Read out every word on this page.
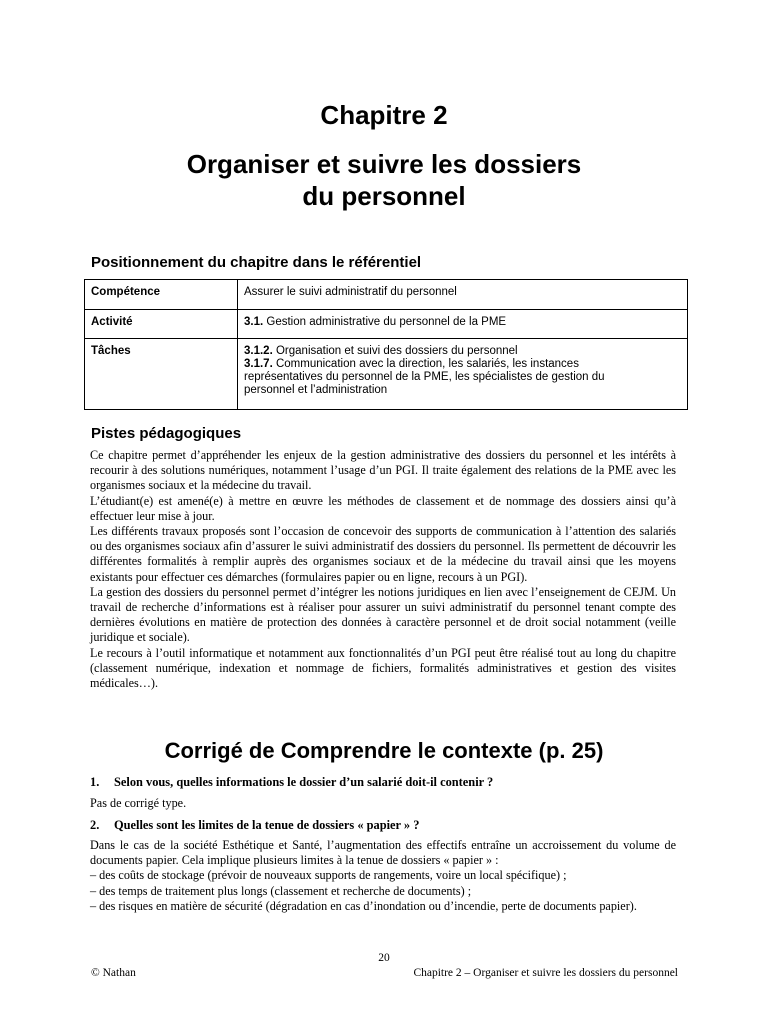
Chapitre 2
Organiser et suivre les dossiers
du personnel
Positionnement du chapitre dans le référentiel
Compétence	Assurer le suivi administratif du personnel
Activité	3.1. Gestion administrative du personnel de la PME
Tâches	3.1.2. Organisation et suivi des dossiers du personnel
3.1.7. Communication avec la direction, les salariés, les instances
représentatives du personnel de la PME, les spécialistes de gestion du
personnel et l’administration
Pistes pédagogiques

Ce chapitre permet d’appréhender les enjeux de la gestion administrative des dossiers du personnel et les intérêts à recourir à des solutions numériques, notamment l’usage d’un PGI. Il traite également des relations de la PME avec les organismes sociaux et la médecine du travail.

L’étudiant(e) est amené(e) à mettre en œuvre les méthodes de classement et de nommage des dossiers ainsi qu’à effectuer leur mise à jour.

Les différents travaux proposés sont l’occasion de concevoir des supports de communication à l’attention des salariés ou des organismes sociaux afin d’assurer le suivi administratif des dossiers du personnel. Ils permettent de découvrir les différentes formalités à remplir auprès des organismes sociaux et de la médecine du travail ainsi que les moyens existants pour effectuer ces démarches (formulaires papier ou en ligne, recours à un PGI).

La gestion des dossiers du personnel permet d’intégrer les notions juridiques en lien avec l’enseignement de CEJM. Un travail de recherche d’informations est à réaliser pour assurer un suivi administratif du personnel tenant compte des dernières évolutions en matière de protection des données à caractère personnel et de droit social notamment (veille juridique et sociale).

Le recours à l’outil informatique et notamment aux fonctionnalités d’un PGI peut être réalisé tout au long du chapitre (classement numérique, indexation et nommage de fichiers, formalités administratives et gestion des visites médicales…).

Corrigé de Comprendre le contexte (p. 25)
1. Selon vous, quelles informations le dossier d’un salarié doit-il contenir ?
Pas de corrigé type.
2. Quelles sont les limites de la tenue de dossiers « papier » ?

Dans le cas de la société Esthétique et Santé, l’augmentation des effectifs entraîne un accroissement du volume de documents papier. Cela implique plusieurs limites à la tenue de dossiers « papier » :

– des coûts de stockage (prévoir de nouveaux supports de rangements, voire un local spécifique) ;

– des temps de traitement plus longs (classement et recherche de documents) ;

– des risques en matière de sécurité (dégradation en cas d’inondation ou d’incendie, perte de documents papier).

20
© Nathan	Chapitre 2 – Organiser et suivre les dossiers du personnel
